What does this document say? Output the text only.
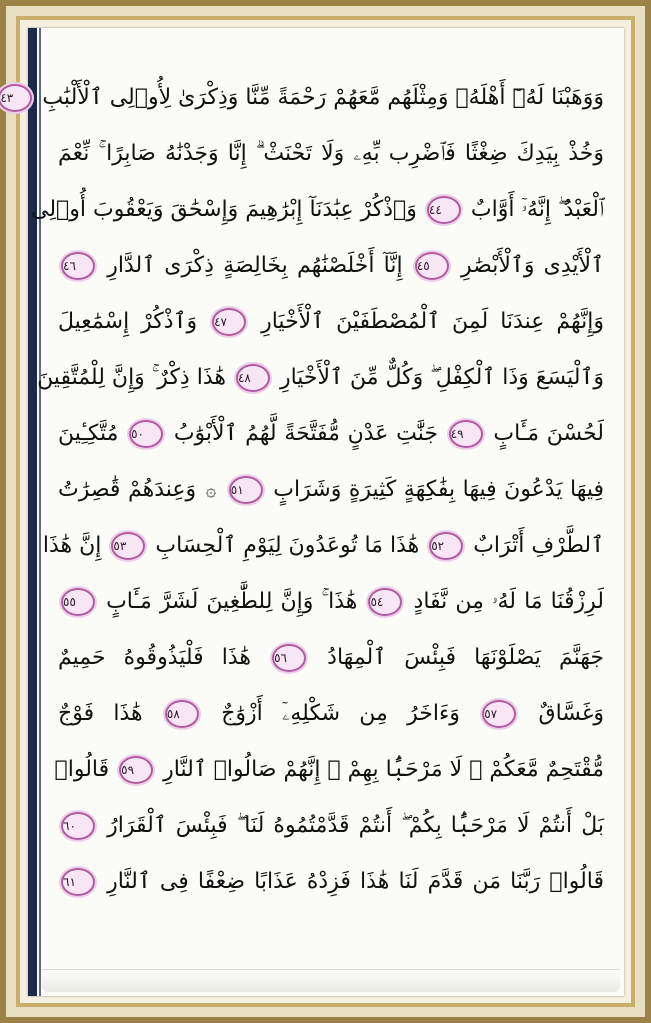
وَوَهَبْنَا لَهُۥٓ أَهْلَهُۥ وَمِثْلَهُم مَّعَهُمْ رَحْمَةً مِّنَّا وَذِكْرَىٰ لِأُو۟لِى ٱلْأَلْبَٰبِ ٤٣
وَخُذْ بِيَدِكَ ضِغْثًا فَٱضْرِب بِّهِۦ وَلَا تَحْنَثْ ۗ إِنَّا وَجَدْنَٰهُ صَابِرًا ۚ نِّعْمَ
ٱلْعَبْدُ ۖ إِنَّهُۥٓ أَوَّابٌ ٤٤ وَٱذْكُرْ عِبَٰدَنَآ إِبْرَٰهِيمَ وَإِسْحَٰقَ وَيَعْقُوبَ أُو۟لِى
ٱلْأَيْدِى وَٱلْأَبْصَٰرِ ٤٥ إِنَّآ أَخْلَصْنَٰهُم بِخَالِصَةٍ ذِكْرَى ٱلدَّارِ ٤٦
وَإِنَّهُمْ عِندَنَا لَمِنَ ٱلْمُصْطَفَيْنَ ٱلْأَخْيَارِ ٤٧ وَٱذْكُرْ إِسْمَٰعِيلَ
وَٱلْيَسَعَ وَذَا ٱلْكِفْلِ ۖ وَكُلٌّ مِّنَ ٱلْأَخْيَارِ ٤٨ هَٰذَا ذِكْرٌ ۚ وَإِنَّ لِلْمُتَّقِينَ
لَحُسْنَ مَـَٔابٍ ٤٩ جَنَّٰتِ عَدْنٍ مُّفَتَّحَةً لَّهُمُ ٱلْأَبْوَٰبُ ٥٠ مُتَّكِـِٔينَ
فِيهَا يَدْعُونَ فِيهَا بِفَٰكِهَةٍ كَثِيرَةٍ وَشَرَابٍ ٥١ ۞ وَعِندَهُمْ قَٰصِرَٰتُ
ٱلطَّرْفِ أَتْرَابٌ ٥٢ هَٰذَا مَا تُوعَدُونَ لِيَوْمِ ٱلْحِسَابِ ٥٣ إِنَّ هَٰذَا
لَرِزْقُنَا مَا لَهُۥ مِن نَّفَادٍ ٥٤ هَٰذَا ۚ وَإِنَّ لِلطَّٰغِينَ لَشَرَّ مَـَٔابٍ ٥٥
جَهَنَّمَ يَصْلَوْنَهَا فَبِئْسَ ٱلْمِهَادُ ٥٦ هَٰذَا فَلْيَذُوقُوهُ حَمِيمٌ
وَغَسَّاقٌ ٥٧ وَءَاخَرُ مِن شَكْلِهِۦٓ أَزْوَٰجٌ ٥٨ هَٰذَا فَوْجٌ
مُّقْتَحِمٌ مَّعَكُمْ ۖ لَا مَرْحَبًۢا بِهِمْ ۚ إِنَّهُمْ صَالُوا۟ ٱلنَّارِ ٥٩ قَالُوا۟
بَلْ أَنتُمْ لَا مَرْحَبًۢا بِكُمْ ۖ أَنتُمْ قَدَّمْتُمُوهُ لَنَا ۖ فَبِئْسَ ٱلْقَرَارُ ٦٠
قَالُوا۟ رَبَّنَا مَن قَدَّمَ لَنَا هَٰذَا فَزِدْهُ عَذَابًا ضِعْفًا فِى ٱلنَّارِ ٦١
